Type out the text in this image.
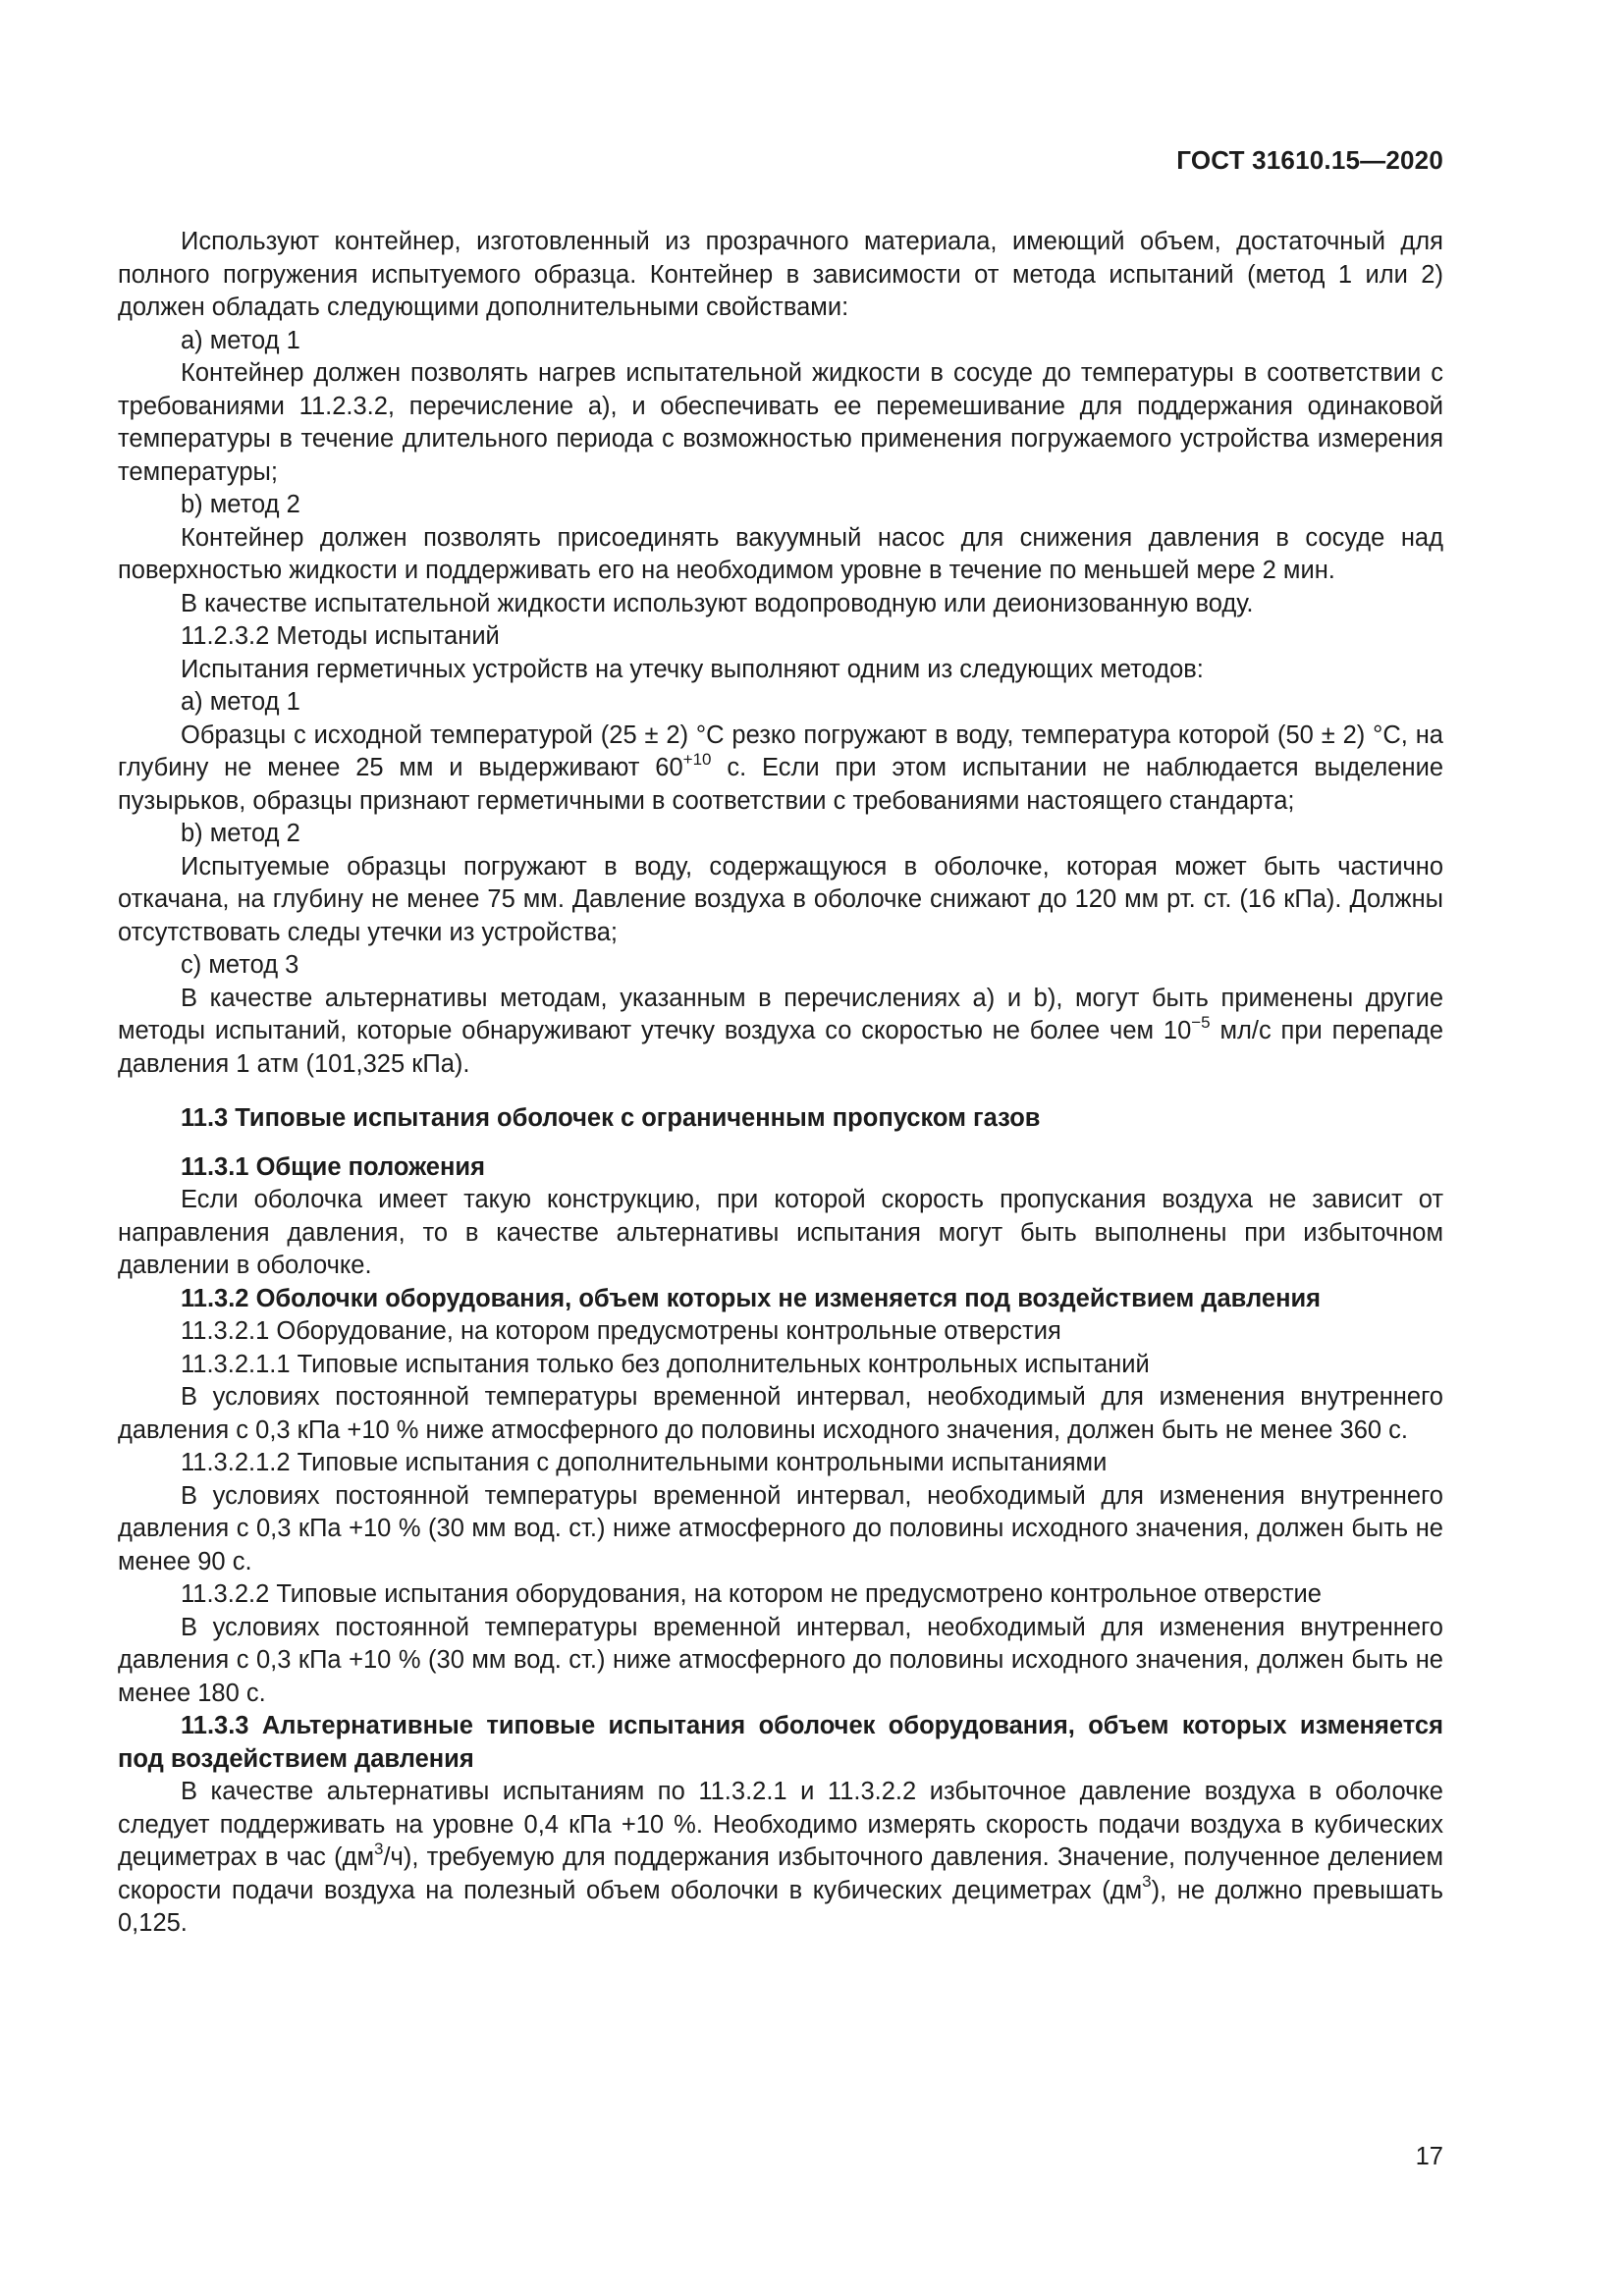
ГОСТ 31610.15—2020

Используют контейнер, изготовленный из прозрачного материала, имеющий объем, достаточный для полного погружения испытуемого образца. Контейнер в зависимости от метода испытаний (метод 1 или 2) должен обладать следующими дополнительными свойствами:

а) метод 1

Контейнер должен позволять нагрев испытательной жидкости в сосуде до температуры в соответствии с требованиями 11.2.3.2, перечисление а), и обеспечивать ее перемешивание для поддержания одинаковой температуры в течение длительного периода с возможностью применения погружаемого устройства измерения температуры;

b) метод 2

Контейнер должен позволять присоединять вакуумный насос для снижения давления в сосуде над поверхностью жидкости и поддерживать его на необходимом уровне в течение по меньшей мере 2 мин.

В качестве испытательной жидкости используют водопроводную или деионизованную воду.

11.2.3.2 Методы испытаний

Испытания герметичных устройств на утечку выполняют одним из следующих методов:

а) метод 1

Образцы с исходной температурой (25 ± 2) °С резко погружают в воду, температура которой (50 ± 2) °С, на глубину не менее 25 мм и выдерживают $60^{+10}$ с. Если при этом испытании не наблюдается выделение пузырьков, образцы признают герметичными в соответствии с требованиями настоящего стандарта;

b) метод 2

Испытуемые образцы погружают в воду, содержащуюся в оболочке, которая может быть частично откачана, на глубину не менее 75 мм. Давление воздуха в оболочке снижают до 120 мм рт. ст. (16 кПа). Должны отсутствовать следы утечки из устройства;

с) метод 3

В качестве альтернативы методам, указанным в перечислениях а) и b), могут быть применены другие методы испытаний, которые обнаруживают утечку воздуха со скоростью не более чем $10^{-5}$ мл/с при перепаде давления 1 атм (101,325 кПа).

11.3 Типовые испытания оболочек с ограниченным пропуском газов

11.3.1 Общие положения

Если оболочка имеет такую конструкцию, при которой скорость пропускания воздуха не зависит от направления давления, то в качестве альтернативы испытания могут быть выполнены при избыточном давлении в оболочке.

11.3.2 Оболочки оборудования, объем которых не изменяется под воздействием давления

11.3.2.1 Оборудование, на котором предусмотрены контрольные отверстия

11.3.2.1.1 Типовые испытания только без дополнительных контрольных испытаний

В условиях постоянной температуры временной интервал, необходимый для изменения внутреннего давления с 0,3 кПа +10 % ниже атмосферного до половины исходного значения, должен быть не менее 360 с.

11.3.2.1.2 Типовые испытания с дополнительными контрольными испытаниями

В условиях постоянной температуры временной интервал, необходимый для изменения внутреннего давления с 0,3 кПа +10 % (30 мм вод. ст.) ниже атмосферного до половины исходного значения, должен быть не менее 90 с.

11.3.2.2 Типовые испытания оборудования, на котором не предусмотрено контрольное отверстие

В условиях постоянной температуры временной интервал, необходимый для изменения внутреннего давления с 0,3 кПа +10 % (30 мм вод. ст.) ниже атмосферного до половины исходного значения, должен быть не менее 180 с.

11.3.3 Альтернативные типовые испытания оболочек оборудования, объем которых изменяется под воздействием давления

В качестве альтернативы испытаниям по 11.3.2.1 и 11.3.2.2 избыточное давление воздуха в оболочке следует поддерживать на уровне 0,4 кПа +10 %. Необходимо измерять скорость подачи воздуха в кубических дециметрах в час $(дм^3/ч)$, требуемую для поддержания избыточного давления. Значение, полученное делением скорости подачи воздуха на полезный объем оболочки в кубических дециметрах $(дм^3)$, не должно превышать 0,125.

17
